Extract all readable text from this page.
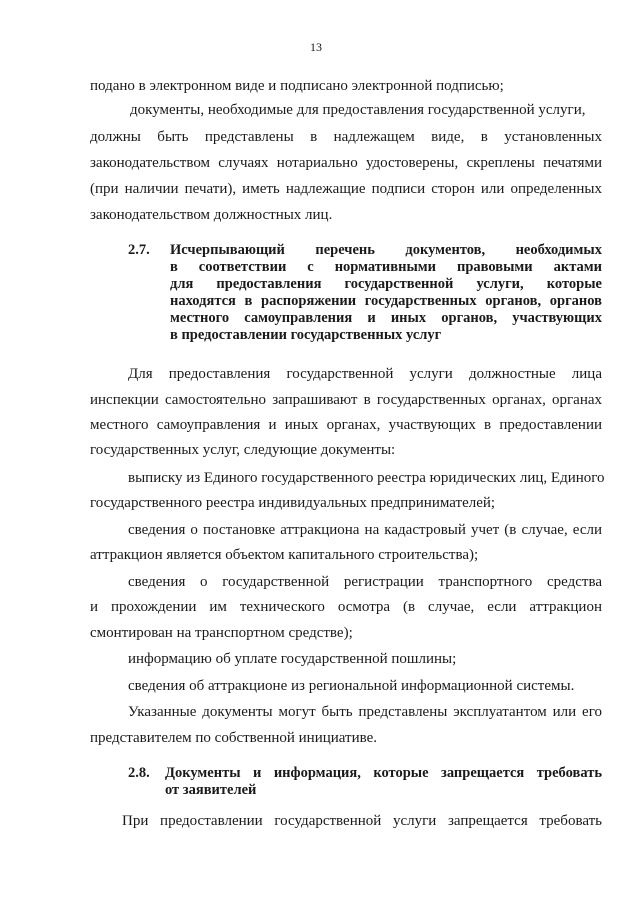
13
подано в электронном виде и подписано электронной подписью;
документы, необходимые для предоставления государственной услуги,
должны быть представлены в надлежащем виде, в установленных
законодательством случаях нотариально удостоверены, скреплены печатями
(при наличии печати), иметь надлежащие подписи сторон или определенных
законодательством должностных лиц.
2.7. Исчерпывающий перечень документов, необходимых
в соответствии с нормативными правовыми актами
для предоставления государственной услуги, которые
находятся в распоряжении государственных органов, органов
местного самоуправления и иных органов, участвующих
в предоставлении государственных услуг
Для предоставления государственной услуги должностные лица
инспекции самостоятельно запрашивают в государственных органах, органах
местного самоуправления и иных органах, участвующих в предоставлении
государственных услуг, следующие документы:
выписку из Единого государственного реестра юридических лиц, Единого
государственного реестра индивидуальных предпринимателей;
сведения о постановке аттракциона на кадастровый учет (в случае, если
аттракцион является объектом капитального строительства);
сведения о государственной регистрации транспортного средства
и прохождении им технического осмотра (в случае, если аттракцион
смонтирован на транспортном средстве);
информацию об уплате государственной пошлины;
сведения об аттракционе из региональной информационной системы.
Указанные документы могут быть представлены эксплуатантом или его
представителем по собственной инициативе.
2.8. Документы и информация, которые запрещается требовать
от заявителей
При предоставлении государственной услуги запрещается требовать
